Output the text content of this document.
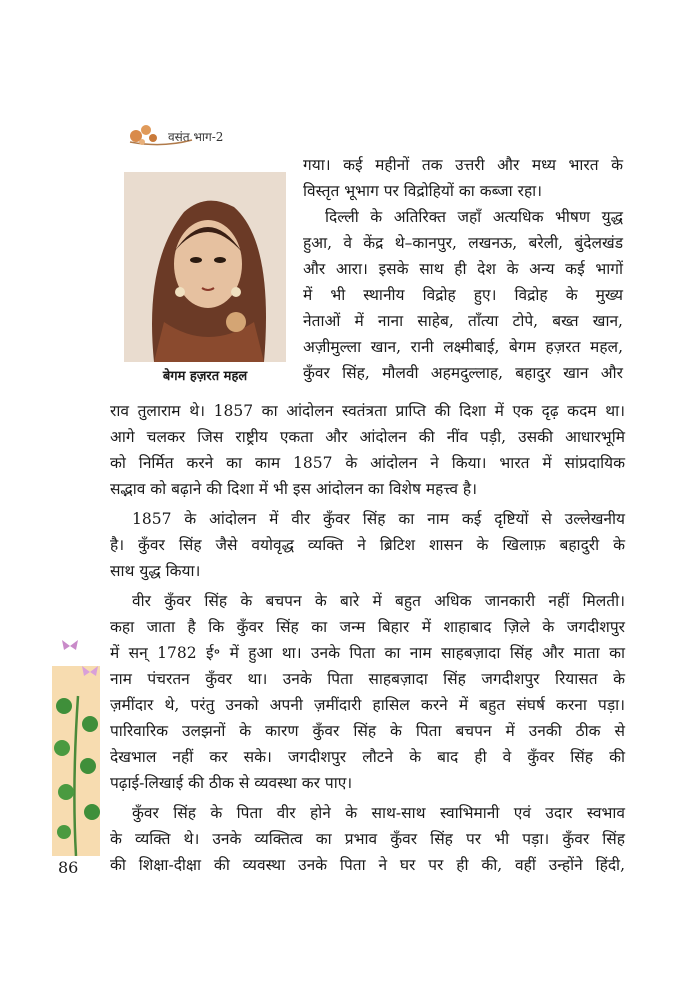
वसंत भाग-2
बेगम हज़रत महल

गया। कई महीनों तक उत्तरी और मध्य भारत के

विस्तृत भूभाग पर विद्रोहियों का कब्जा रहा।

दिल्ली के अतिरिक्त जहाँ अत्यधिक भीषण युद्ध

हुआ, वे केंद्र थे–कानपुर, लखनऊ, बरेली, बुंदेलखंड

और आरा। इसके साथ ही देश के अन्य कई भागों

में भी स्थानीय विद्रोह हुए। विद्रोह के मुख्य

नेताओं में नाना साहेब, ताँत्या टोपे, बख्त खान,

अज़ीमुल्ला खान, रानी लक्ष्मीबाई, बेगम हज़रत महल,

कुँवर सिंह, मौलवी अहमदुल्लाह, बहादुर खान और

राव तुलाराम थे। 1857 का आंदोलन स्वतंत्रता प्राप्ति की दिशा में एक दृढ़ कदम था।

आगे चलकर जिस राष्ट्रीय एकता और आंदोलन की नींव पड़ी, उसकी आधारभूमि

को निर्मित करने का काम 1857 के आंदोलन ने किया। भारत में सांप्रदायिक

सद्भाव को बढ़ाने की दिशा में भी इस आंदोलन का विशेष महत्त्व है।

1857 के आंदोलन में वीर कुँवर सिंह का नाम कई दृष्टियों से उल्लेखनीय

है। कुँवर सिंह जैसे वयोवृद्ध व्यक्ति ने ब्रिटिश शासन के खिलाफ़ बहादुरी के

साथ युद्ध किया।

वीर कुँवर सिंह के बचपन के बारे में बहुत अधिक जानकारी नहीं मिलती।

कहा जाता है कि कुँवर सिंह का जन्म बिहार में शाहाबाद ज़िले के जगदीशपुर

में सन् 1782 ई॰ में हुआ था। उनके पिता का नाम साहबज़ादा सिंह और माता का

नाम पंचरतन कुँवर था। उनके पिता साहबज़ादा सिंह जगदीशपुर रियासत के

ज़मींदार थे, परंतु उनको अपनी ज़मींदारी हासिल करने में बहुत संघर्ष करना पड़ा।

पारिवारिक उलझनों के कारण कुँवर सिंह के पिता बचपन में उनकी ठीक से

देखभाल नहीं कर सके। जगदीशपुर लौटने के बाद ही वे कुँवर सिंह की

पढ़ाई-लिखाई की ठीक से व्यवस्था कर पाए।

कुँवर सिंह के पिता वीर होने के साथ-साथ स्वाभिमानी एवं उदार स्वभाव

के व्यक्ति थे। उनके व्यक्तित्व का प्रभाव कुँवर सिंह पर भी पड़ा। कुँवर सिंह

की शिक्षा-दीक्षा की व्यवस्था उनके पिता ने घर पर ही की, वहीं उन्होंने हिंदी,

86
